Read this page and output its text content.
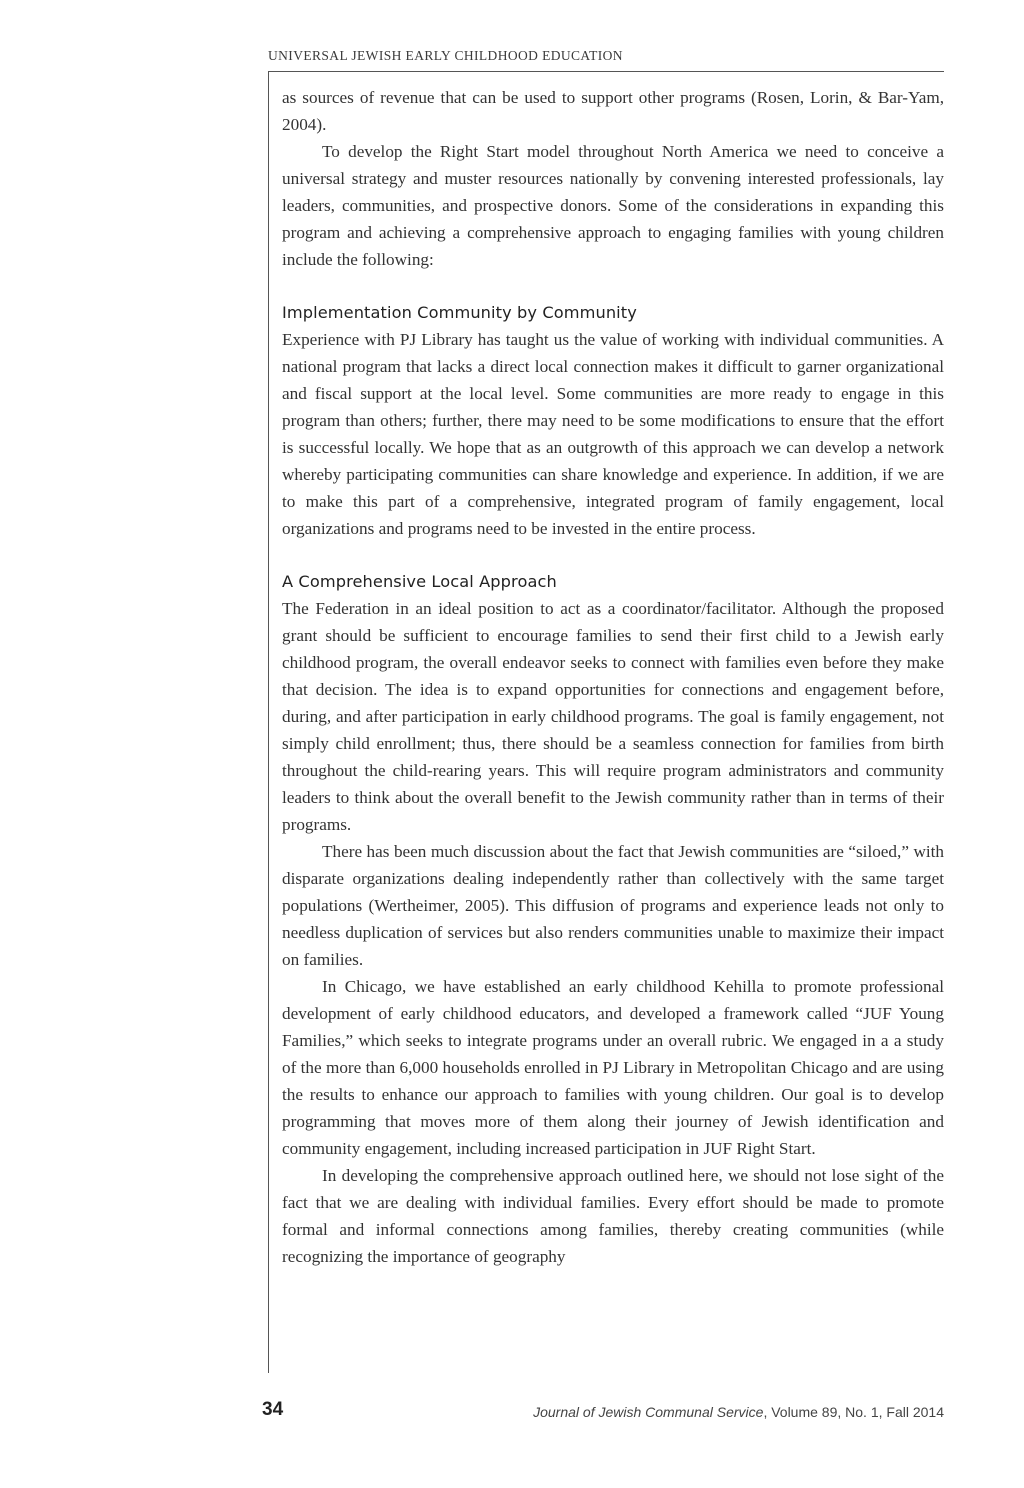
UNIVERSAL JEWISH EARLY CHILDHOOD EDUCATION

as sources of revenue that can be used to support other programs (Rosen, Lorin, & Bar-Yam, 2004).

To develop the Right Start model throughout North America we need to conceive a universal strategy and muster resources nationally by convening interested professionals, lay leaders, communities, and prospective donors. Some of the considerations in expanding this program and achieving a comprehensive approach to engaging families with young children include the following:

Implementation Community by Community

Experience with PJ Library has taught us the value of working with individual communities. A national program that lacks a direct local connection makes it difficult to garner organizational and fiscal support at the local level. Some communities are more ready to engage in this program than others; further, there may need to be some modifications to ensure that the effort is successful locally. We hope that as an outgrowth of this approach we can develop a network whereby participating communities can share knowledge and experience. In addition, if we are to make this part of a comprehensive, integrated program of family engagement, local organizations and programs need to be invested in the entire process.

A Comprehensive Local Approach

The Federation in an ideal position to act as a coordinator/facilitator. Although the proposed grant should be sufficient to encourage families to send their first child to a Jewish early childhood program, the overall endeavor seeks to connect with families even before they make that decision. The idea is to expand opportunities for connections and engagement before, during, and after participation in early childhood programs. The goal is family engagement, not simply child enrollment; thus, there should be a seamless connection for families from birth throughout the child-rearing years. This will require program administrators and community leaders to think about the overall benefit to the Jewish community rather than in terms of their programs.

There has been much discussion about the fact that Jewish communities are “siloed,” with disparate organizations dealing independently rather than collectively with the same target populations (Wertheimer, 2005). This diffusion of programs and experience leads not only to needless duplication of services but also renders communities unable to maximize their impact on families.

In Chicago, we have established an early childhood Kehilla to promote professional development of early childhood educators, and developed a framework called “JUF Young Families,” which seeks to integrate programs under an overall rubric. We engaged in a a study of the more than 6,000 households enrolled in PJ Library in Metropolitan Chicago and are using the results to enhance our approach to families with young children. Our goal is to develop programming that moves more of them along their journey of Jewish identification and community engagement, including increased participation in JUF Right Start.

In developing the comprehensive approach outlined here, we should not lose sight of the fact that we are dealing with individual families. Every effort should be made to promote formal and informal connections among families, thereby creating communities (while recognizing the importance of geography

34	Journal of Jewish Communal Service, Volume 89, No. 1, Fall 2014
